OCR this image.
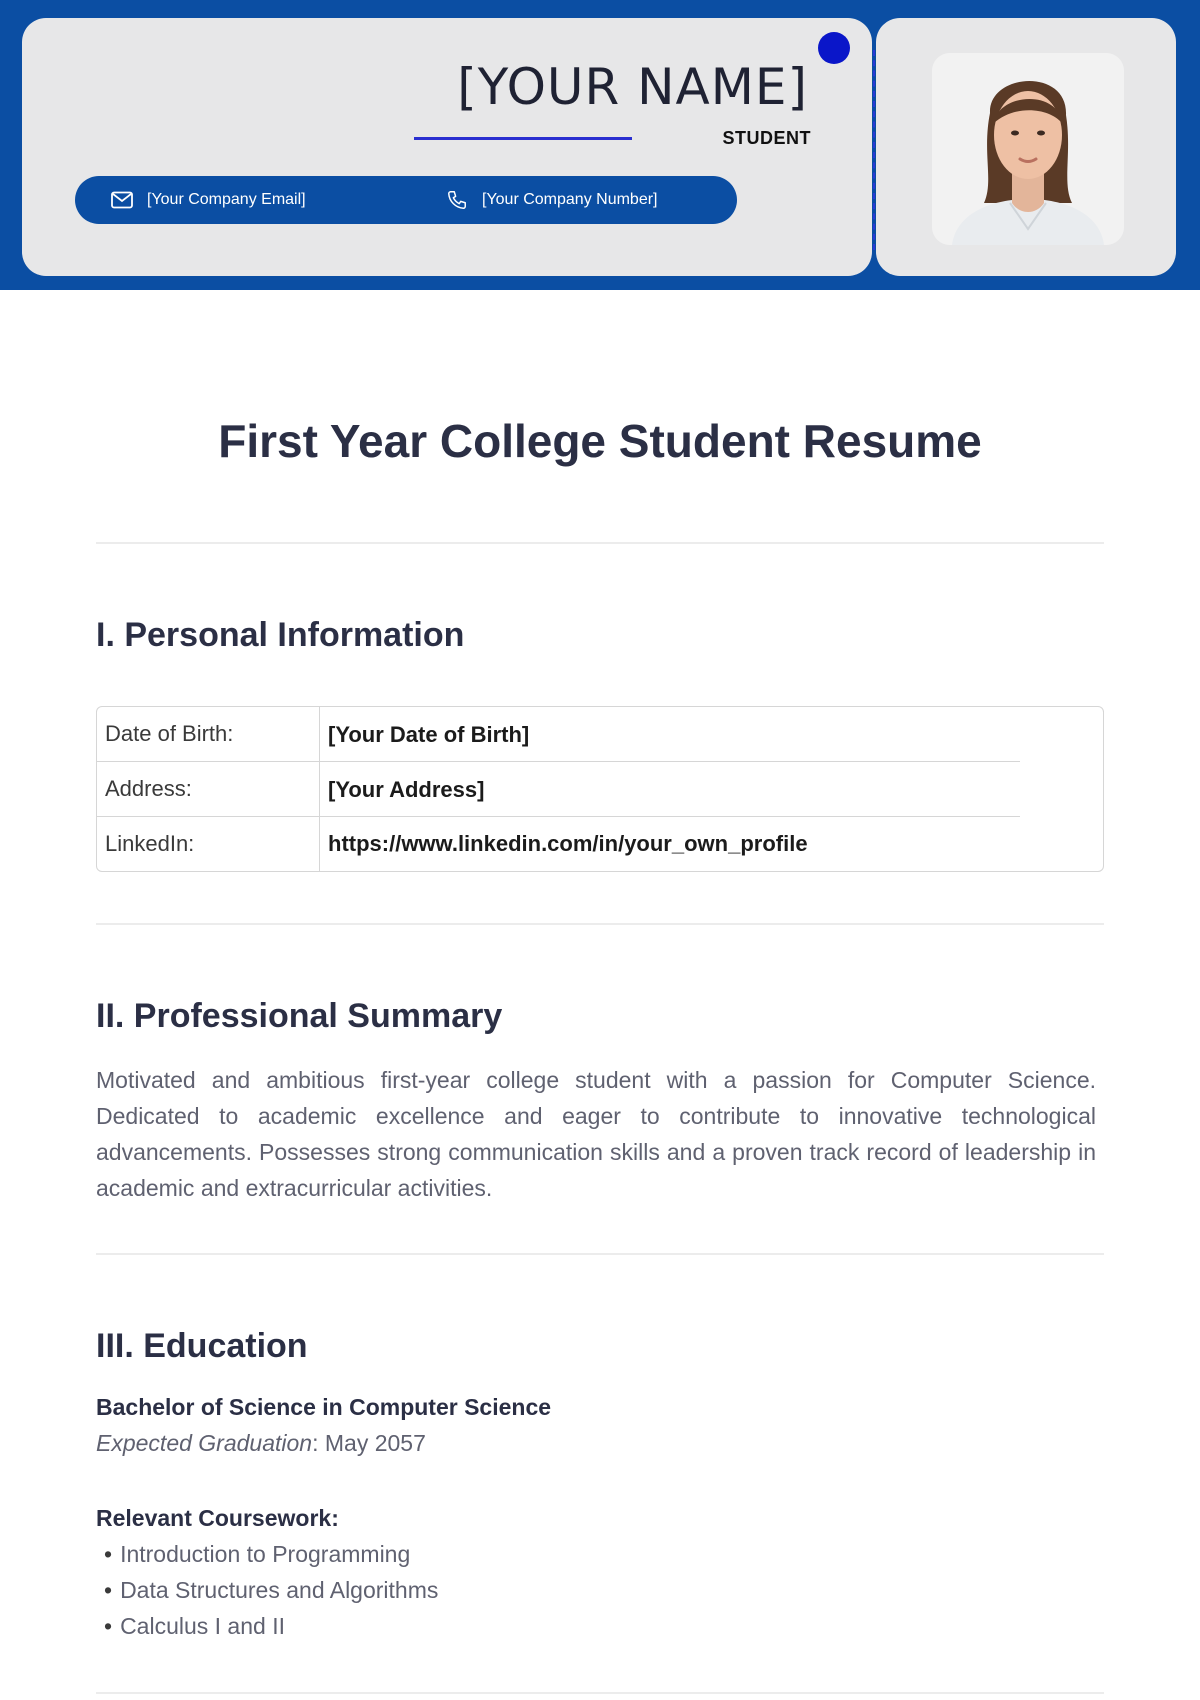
[YOUR NAME]
STUDENT
[Your Company Email]	[Your Company Number]
First Year College Student Resume
I. Personal Information
Date of Birth:	[Your Date of Birth]
Address:	[Your Address]
LinkedIn:	https://www.linkedin.com/in/your_own_profile
II. Professional Summary

Motivated and ambitious first-year college student with a passion for Computer Science. Dedicated to academic excellence and eager to contribute to innovative technological advancements. Possesses strong communication skills and a proven track record of leadership in academic and extracurricular activities.

III. Education
Bachelor of Science in Computer Science
Expected Graduation: May 2057
Relevant Coursework:
• Introduction to Programming
• Data Structures and Algorithms
• Calculus I and II
